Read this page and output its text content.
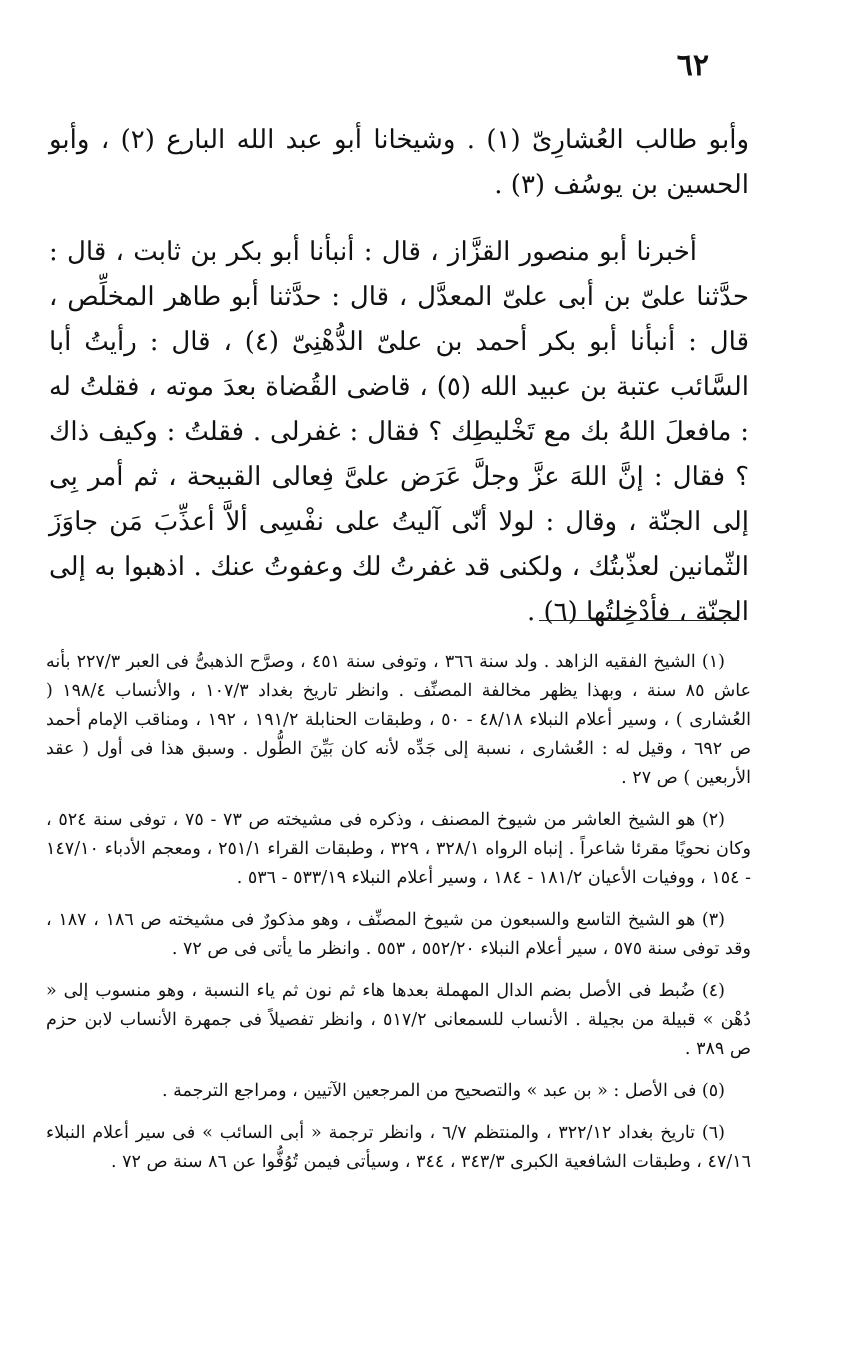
٦٢

وأبو طالب العُشارِىّ (١) . وشيخانا أبو عبد الله البارع (٢) ، وأبو الحسين بن يوسُف (٣) .

أخبرنا أبو منصور القزَّاز ، قال : أنبأنا أبو بكر بن ثابت ، قال : حدَّثنا علىّ بن أبى علىّ المعدَّل ، قال : حدَّثنا أبو طاهر المخلِّص ، قال : أنبأنا أبو بكر أحمد بن علىّ الدُّهْنِىّ (٤) ، قال : رأيتُ أبا السَّائب عتبة بن عبيد الله (٥) ، قاضى القُضاة بعدَ موته ، فقلتُ له : مافعلَ اللهُ بك مع تَخْليطِك ؟ فقال : غفرلى . فقلتُ : وكيف ذاك ؟ فقال : إنَّ اللهَ عزَّ وجلَّ عَرَض علىَّ فِعالى القبيحة ، ثم أمر بِى إلى الجنّة ، وقال : لولا أنّى آليتُ على نفْسِى ألاَّ أعذِّبَ مَن جاوَزَ الثّمانين لعذّبتُك ، ولكنى قد غفرتُ لك وعفوتُ عنك . اذهبوا به إلى الجنّة ، فأدْخِلتُها (٦) .

(١) الشيخ الفقيه الزاهد . ولد سنة ٣٦٦ ، وتوفى سنة ٤٥١ ، وصرَّح الذهبىُّ فى العبر ٢٢٧/٣ بأنه عاش ٨٥ سنة ، وبهذا يظهر مخالفة المصنِّف . وانظر تاريخ بغداد ١٠٧/٣ ، والأنساب ١٩٨/٤ ( العُشارى ) ، وسير أعلام النبلاء ٤٨/١٨ - ٥٠ ، وطبقات الحنابلة ١٩١/٢ ، ١٩٢ ، ومناقب الإمام أحمد ص ٦٩٢ ، وقيل له : العُشارى ، نسبة إلى جَدِّه لأنه كان بَيِّنَ الطُّول . وسبق هذا فى أول ( عقد الأربعين ) ص ٢٧ .

(٢) هو الشيخ العاشر من شيوخ المصنف ، وذكره فى مشيخته ص ٧٣ - ٧٥ ، توفى سنة ٥٢٤ ، وكان نحويًا مقرئا شاعراً . إنباه الرواه ٣٢٨/١ ، ٣٢٩ ، وطبقات القراء ٢٥١/١ ، ومعجم الأدباء ١٤٧/١٠ - ١٥٤ ، ووفيات الأعيان ١٨١/٢ - ١٨٤ ، وسير أعلام النبلاء ٥٣٣/١٩ - ٥٣٦ .

(٣) هو الشيخ التاسع والسبعون من شيوخ المصنِّف ، وهو مذكورٌ فى مشيخته ص ١٨٦ ، ١٨٧ ، وقد توفى سنة ٥٧٥ ، سير أعلام النبلاء ٥٥٢/٢٠ ، ٥٥٣ . وانظر ما يأتى فى ص ٧٢ .

(٤) ضُبط فى الأصل بضم الدال المهملة بعدها هاء ثم نون ثم ياء النسبة ، وهو منسوب إلى « دُهْن » قبيلة من بجيلة . الأنساب للسمعانى ٥١٧/٢ ، وانظر تفصيلاً فى جمهرة الأنساب لابن حزم ص ٣٨٩ .

(٥) فى الأصل : « بن عبد » والتصحيح من المرجعين الآتيين ، ومراجع الترجمة .

(٦) تاريخ بغداد ٣٢٢/١٢ ، والمنتظم ٦/٧ ، وانظر ترجمة « أبى السائب » فى سير أعلام النبلاء ٤٧/١٦ ، وطبقات الشافعية الكبرى ٣٤٣/٣ ، ٣٤٤ ، وسيأتى فيمن تُوُفُّوا عن ٨٦ سنة ص ٧٢ .
